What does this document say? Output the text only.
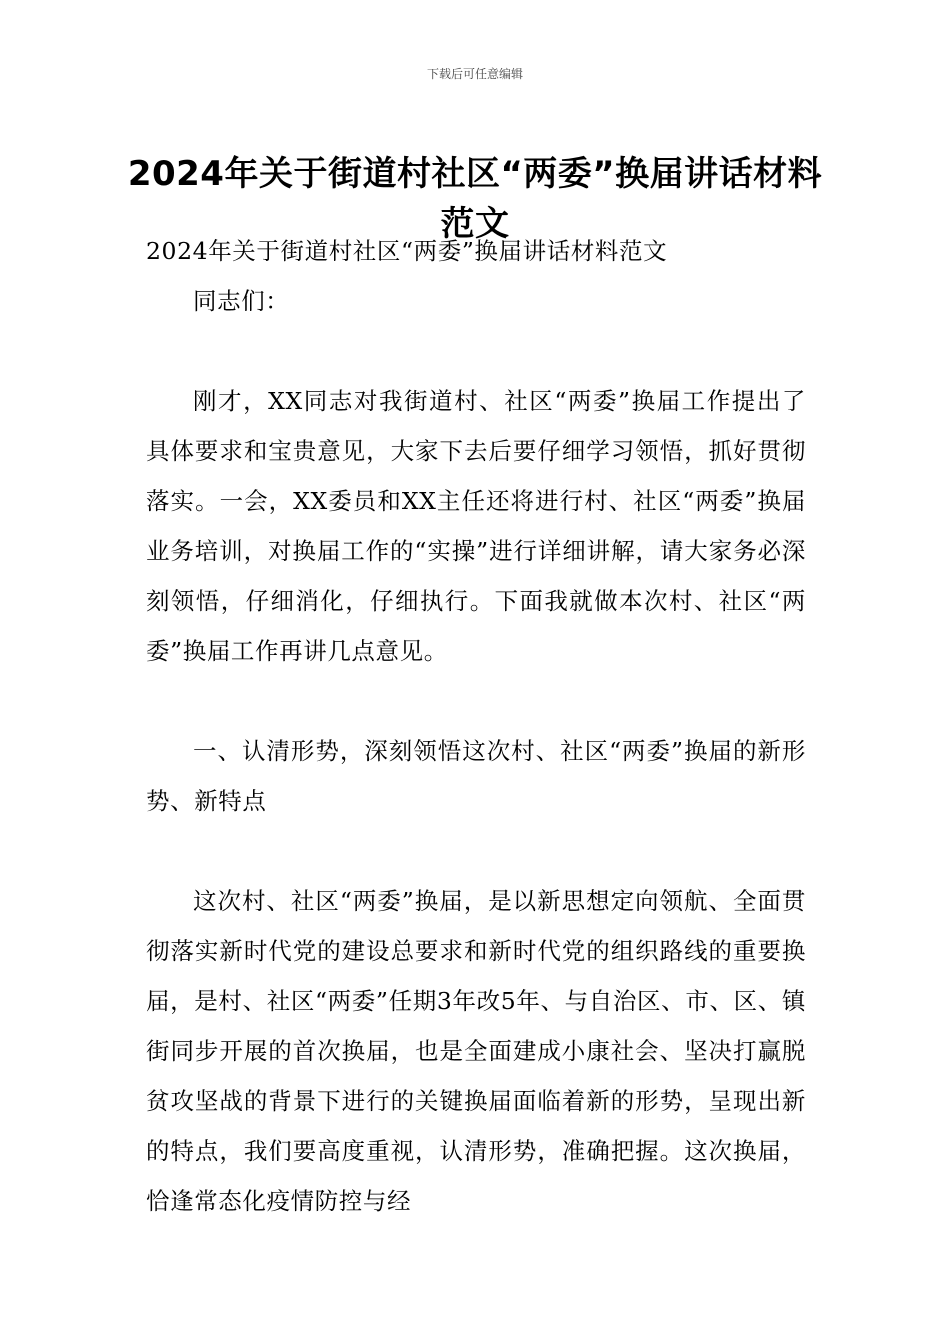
下载后可任意编辑
2024年关于街道村社区“两委”换届讲话材料范文

2024年关于街道村社区“两委”换届讲话材料范文

同志们：

刚才，XX同志对我街道村、社区“两委”换届工作提出了具体要求和宝贵意见，大家下去后要仔细学习领悟，抓好贯彻落实。一会，XX委员和XX主任还将进行村、社区“两委”换届业务培训，对换届工作的“实操”进行详细讲解，请大家务必深刻领悟，仔细消化，仔细执行。下面我就做本次村、社区“两委”换届工作再讲几点意见。

一、认清形势，深刻领悟这次村、社区“两委”换届的新形势、新特点

这次村、社区“两委”换届，是以新思想定向领航、全面贯彻落实新时代党的建设总要求和新时代党的组织路线的重要换届，是村、社区“两委”任期3年改5年、与自治区、市、区、镇街同步开展的首次换届，也是全面建成小康社会、坚决打赢脱贫攻坚战的背景下进行的关键换届面临着新的形势，呈现出新的特点，我们要高度重视，认清形势，准确把握。这次换届，恰逢常态化疫情防控与经
